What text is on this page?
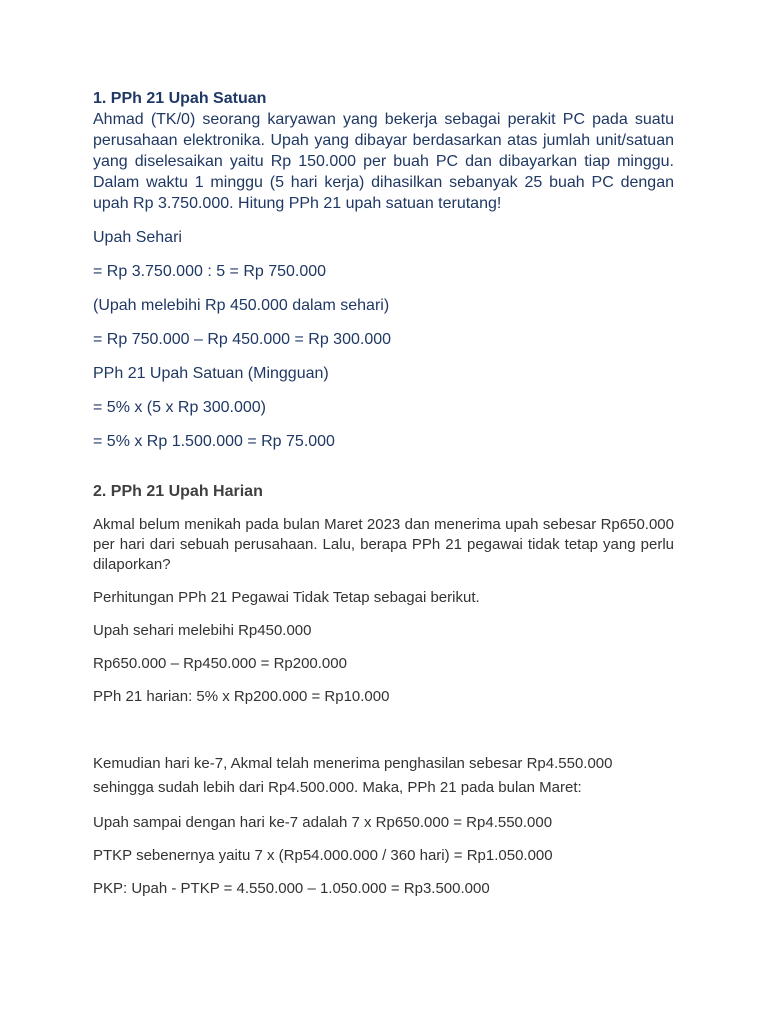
1. PPh 21 Upah Satuan

Ahmad (TK/0) seorang karyawan yang bekerja sebagai perakit PC pada suatu perusahaan elektronika. Upah yang dibayar berdasarkan atas jumlah unit/satuan yang diselesaikan yaitu Rp 150.000 per buah PC dan dibayarkan tiap minggu. Dalam waktu 1 minggu (5 hari kerja) dihasilkan sebanyak 25 buah PC dengan upah Rp 3.750.000. Hitung PPh 21 upah satuan terutang!

Upah Sehari

= Rp 3.750.000 : 5 = Rp 750.000

(Upah melebihi Rp 450.000 dalam sehari)

= Rp 750.000 – Rp 450.000 = Rp 300.000

PPh 21 Upah Satuan (Mingguan)

= 5% x (5 x Rp 300.000)

= 5% x Rp 1.500.000 = Rp 75.000

2. PPh 21 Upah Harian

Akmal belum menikah pada bulan Maret 2023 dan menerima upah sebesar Rp650.000 per hari dari sebuah perusahaan. Lalu, berapa PPh 21 pegawai tidak tetap yang perlu dilaporkan?

Perhitungan PPh 21 Pegawai Tidak Tetap sebagai berikut.

Upah sehari melebihi Rp450.000

Rp650.000 – Rp450.000 = Rp200.000

PPh 21 harian: 5% x Rp200.000 = Rp10.000

Kemudian hari ke-7, Akmal telah menerima penghasilan sebesar Rp4.550.000 sehingga sudah lebih dari Rp4.500.000. Maka, PPh 21 pada bulan Maret:

Upah sampai dengan hari ke-7 adalah 7 x Rp650.000 = Rp4.550.000

PTKP sebenernya yaitu 7 x (Rp54.000.000 / 360 hari) = Rp1.050.000

PKP: Upah - PTKP = 4.550.000 – 1.050.000 = Rp3.500.000
